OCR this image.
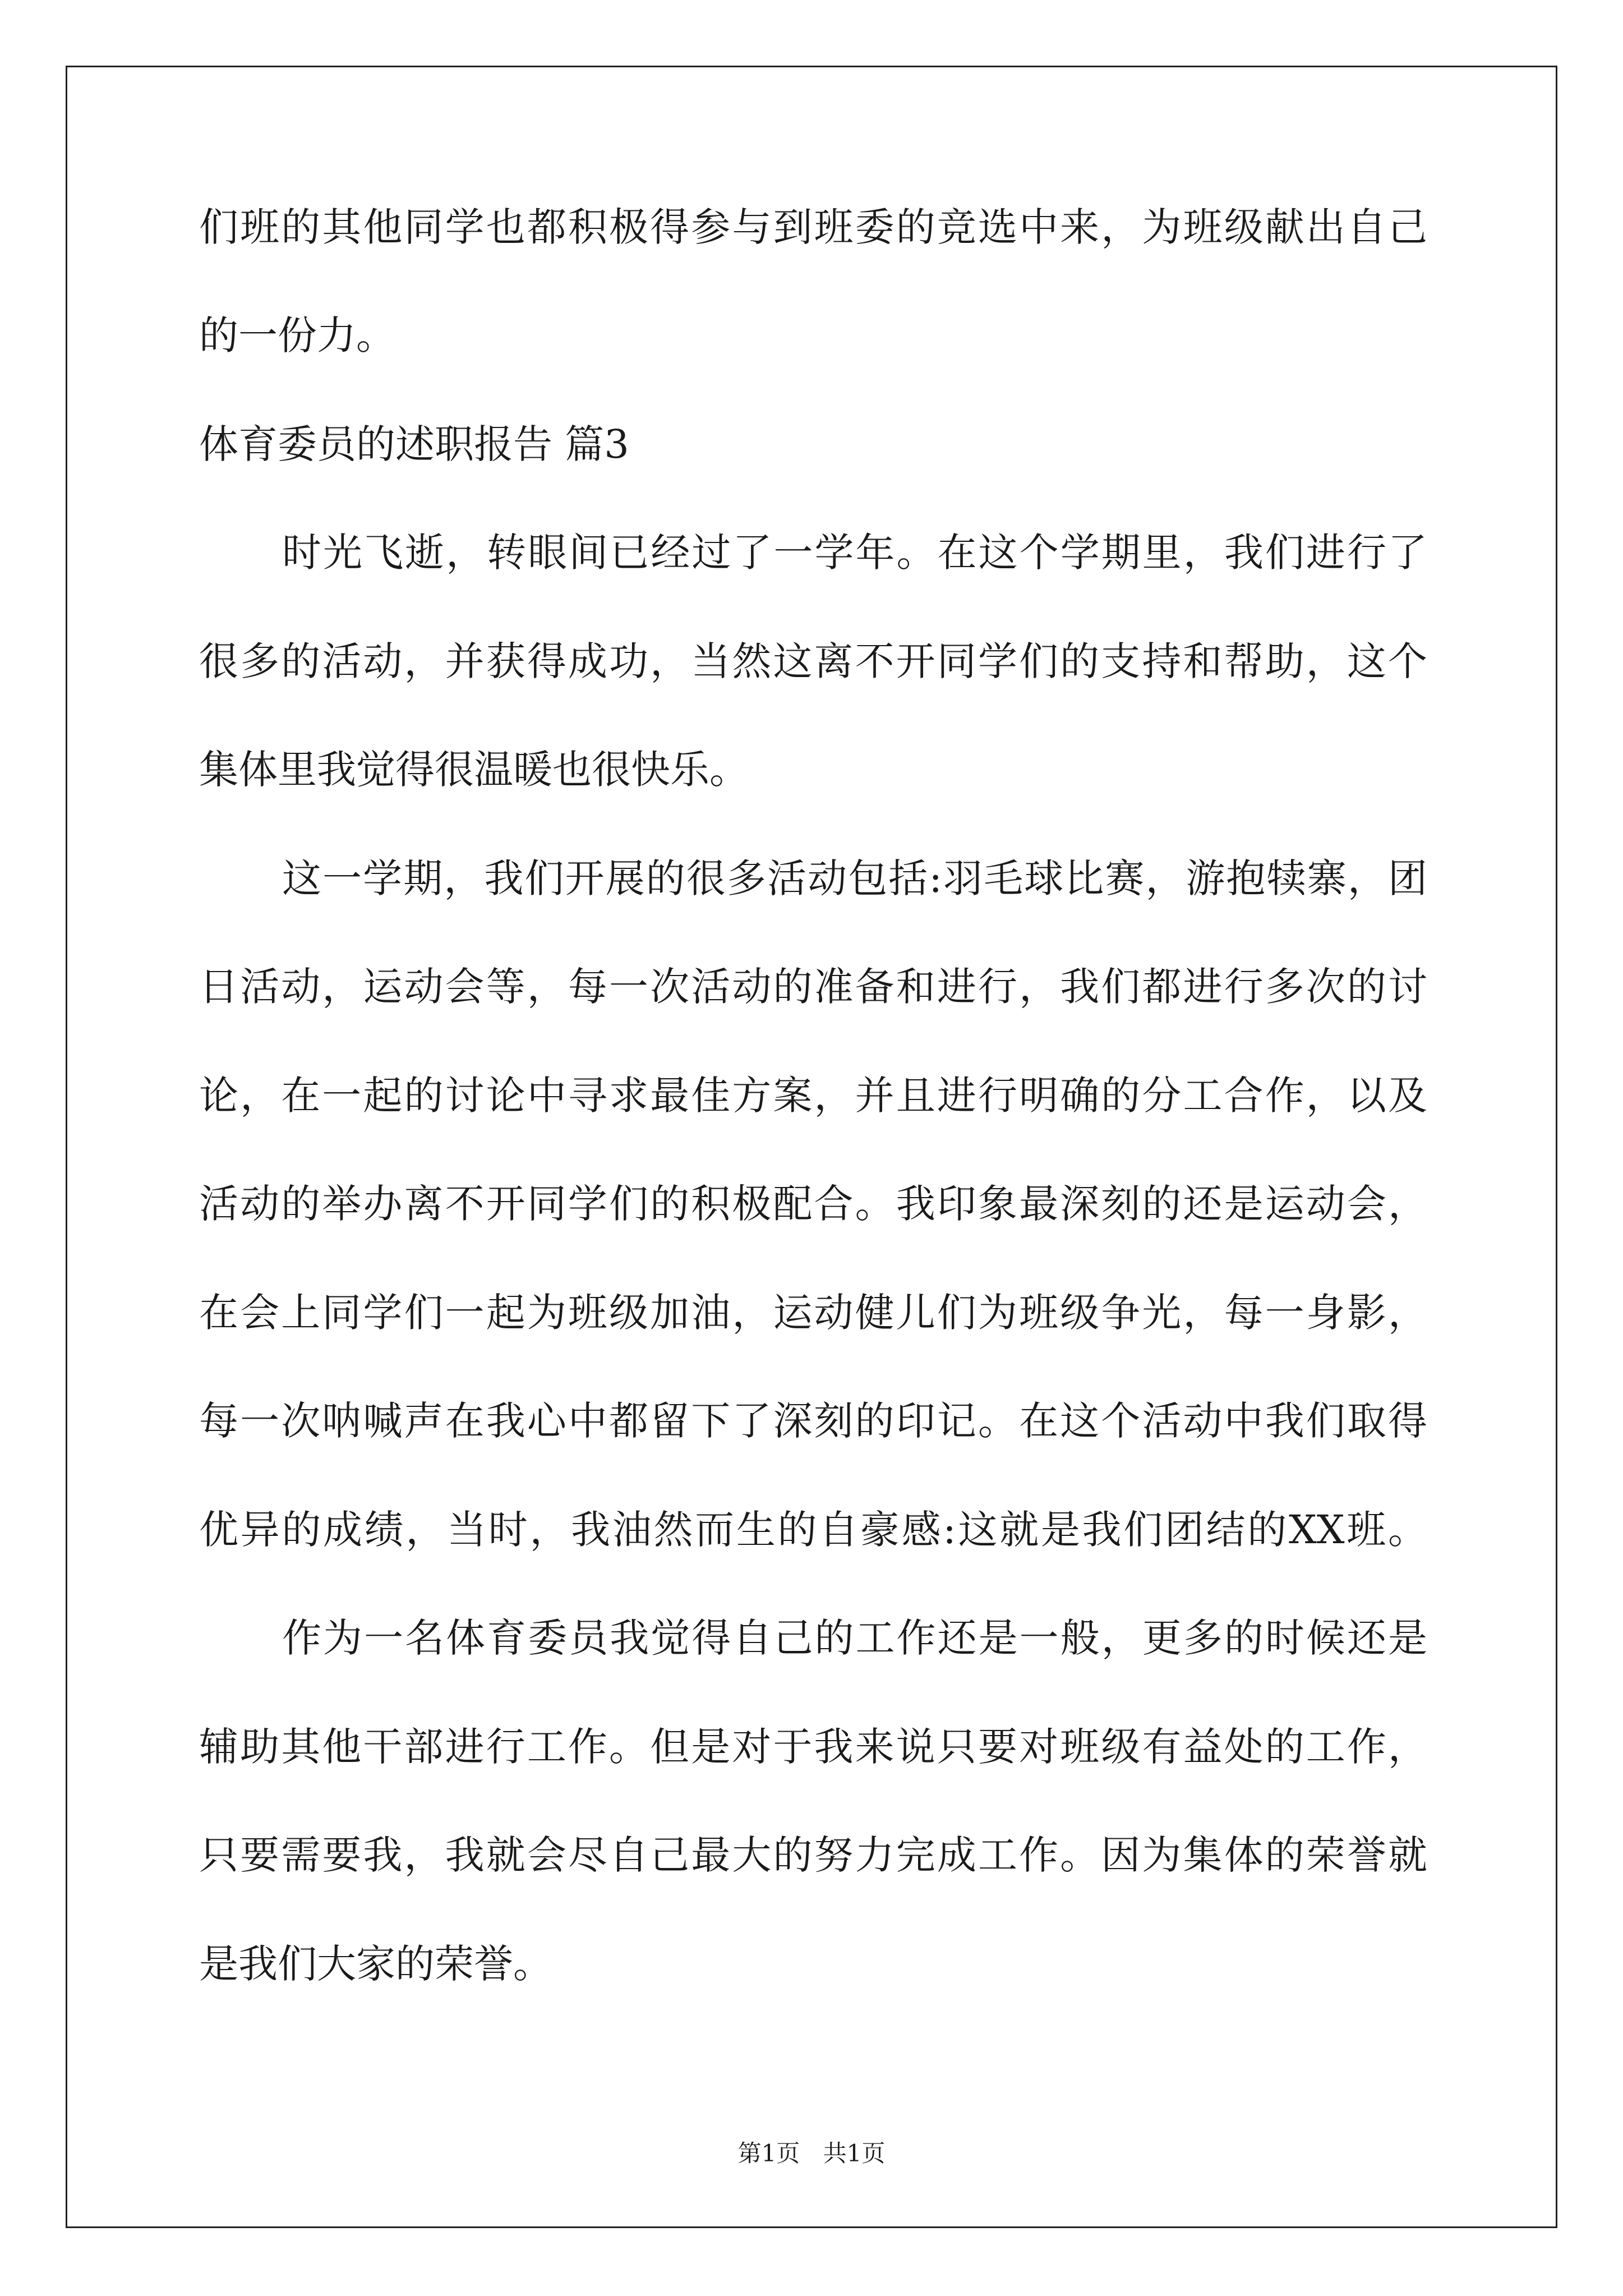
们班的其他同学也都积极得参与到班委的竞选中来，为班级献出自己
的一份力。
体育委员的述职报告 篇3
时光飞逝，转眼间已经过了一学年。在这个学期里，我们进行了
很多的活动，并获得成功，当然这离不开同学们的支持和帮助，这个
集体里我觉得很温暖也很快乐。
这一学期，我们开展的很多活动包括:羽毛球比赛，游抱犊寨，团
日活动，运动会等，每一次活动的准备和进行，我们都进行多次的讨
论，在一起的讨论中寻求最佳方案，并且进行明确的分工合作，以及
活动的举办离不开同学们的积极配合。我印象最深刻的还是运动会，
在会上同学们一起为班级加油，运动健儿们为班级争光，每一身影，
每一次呐喊声在我心中都留下了深刻的印记。在这个活动中我们取得
优异的成绩，当时，我油然而生的自豪感:这就是我们团结的XX班。
作为一名体育委员我觉得自己的工作还是一般，更多的时候还是
辅助其他干部进行工作。但是对于我来说只要对班级有益处的工作，
只要需要我，我就会尽自己最大的努力完成工作。因为集体的荣誉就
是我们大家的荣誉。
第1页 共1页
